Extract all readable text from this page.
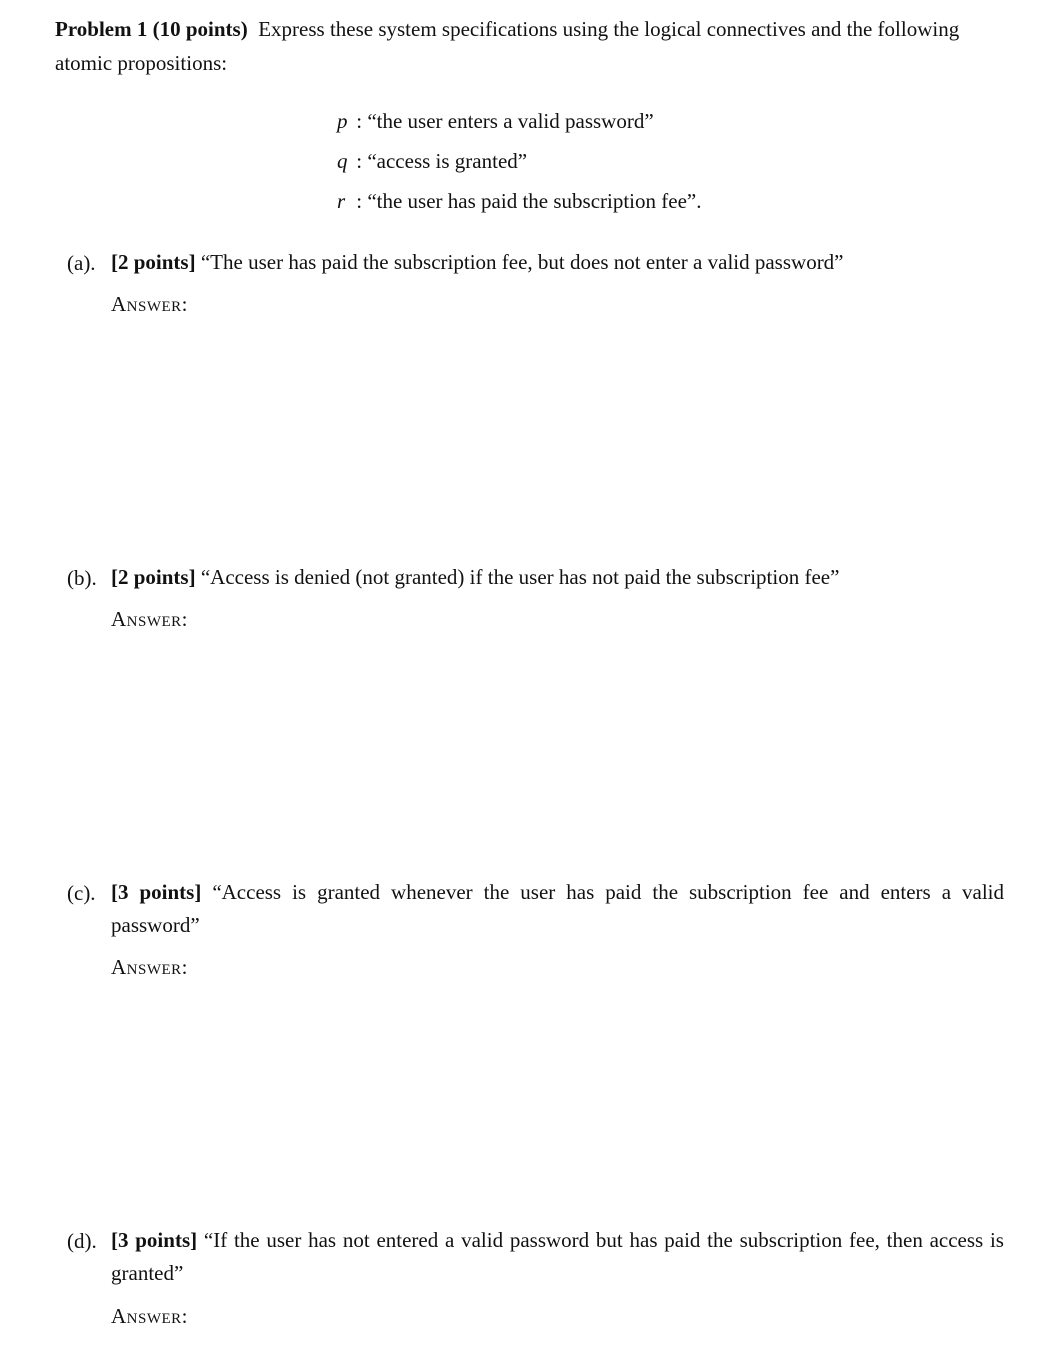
Problem 1 (10 points) Express these system specifications using the logical connectives and the following atomic propositions:
p : “the user enters a valid password”
q : “access is granted”
r : “the user has paid the subscription fee”.
(a). [2 points] “The user has paid the subscription fee, but does not enter a valid password”
Answer:
(b). [2 points] “Access is denied (not granted) if the user has not paid the subscription fee”
Answer:
(c). [3 points] “Access is granted whenever the user has paid the subscription fee and enters a valid password”
Answer:
(d). [3 points] “If the user has not entered a valid password but has paid the subscription fee, then access is granted”
Answer:
